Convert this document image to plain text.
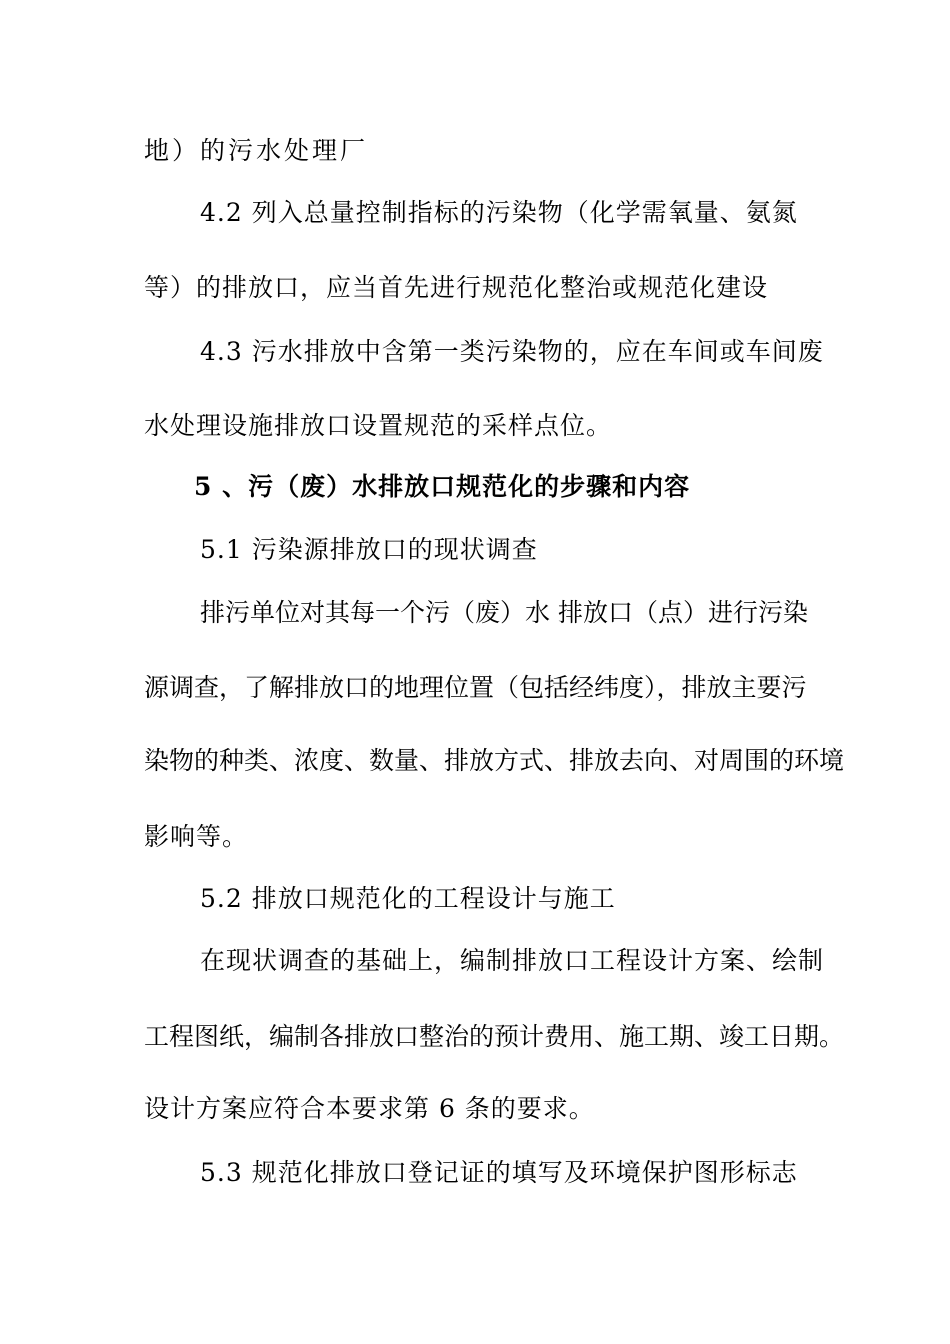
地）的污水处理厂
4.2 列入总量控制指标的污染物（化学需氧量、氨氮
等）的排放口，应当首先进行规范化整治或规范化建设
4.3 污水排放中含第一类污染物的，应在车间或车间废
水处理设施排放口设置规范的采样点位。
5 、污（废）水排放口规范化的步骤和内容
5.1 污染源排放口的现状调查
排污单位对其每一个污（废）水 排放口（点）进行污染
源调查，了解排放口的地理位置（包括经纬度），排放主要污
染物的种类、浓度、数量、排放方式、排放去向、对周围的环境
影响等。
5.2 排放口规范化的工程设计与施工
在现状调查的基础上，编制排放口工程设计方案、绘制
工程图纸，编制各排放口整治的预计费用、施工期、竣工日期。
设计方案应符合本要求第 6 条的要求。
5.3 规范化排放口登记证的填写及环境保护图形标志
